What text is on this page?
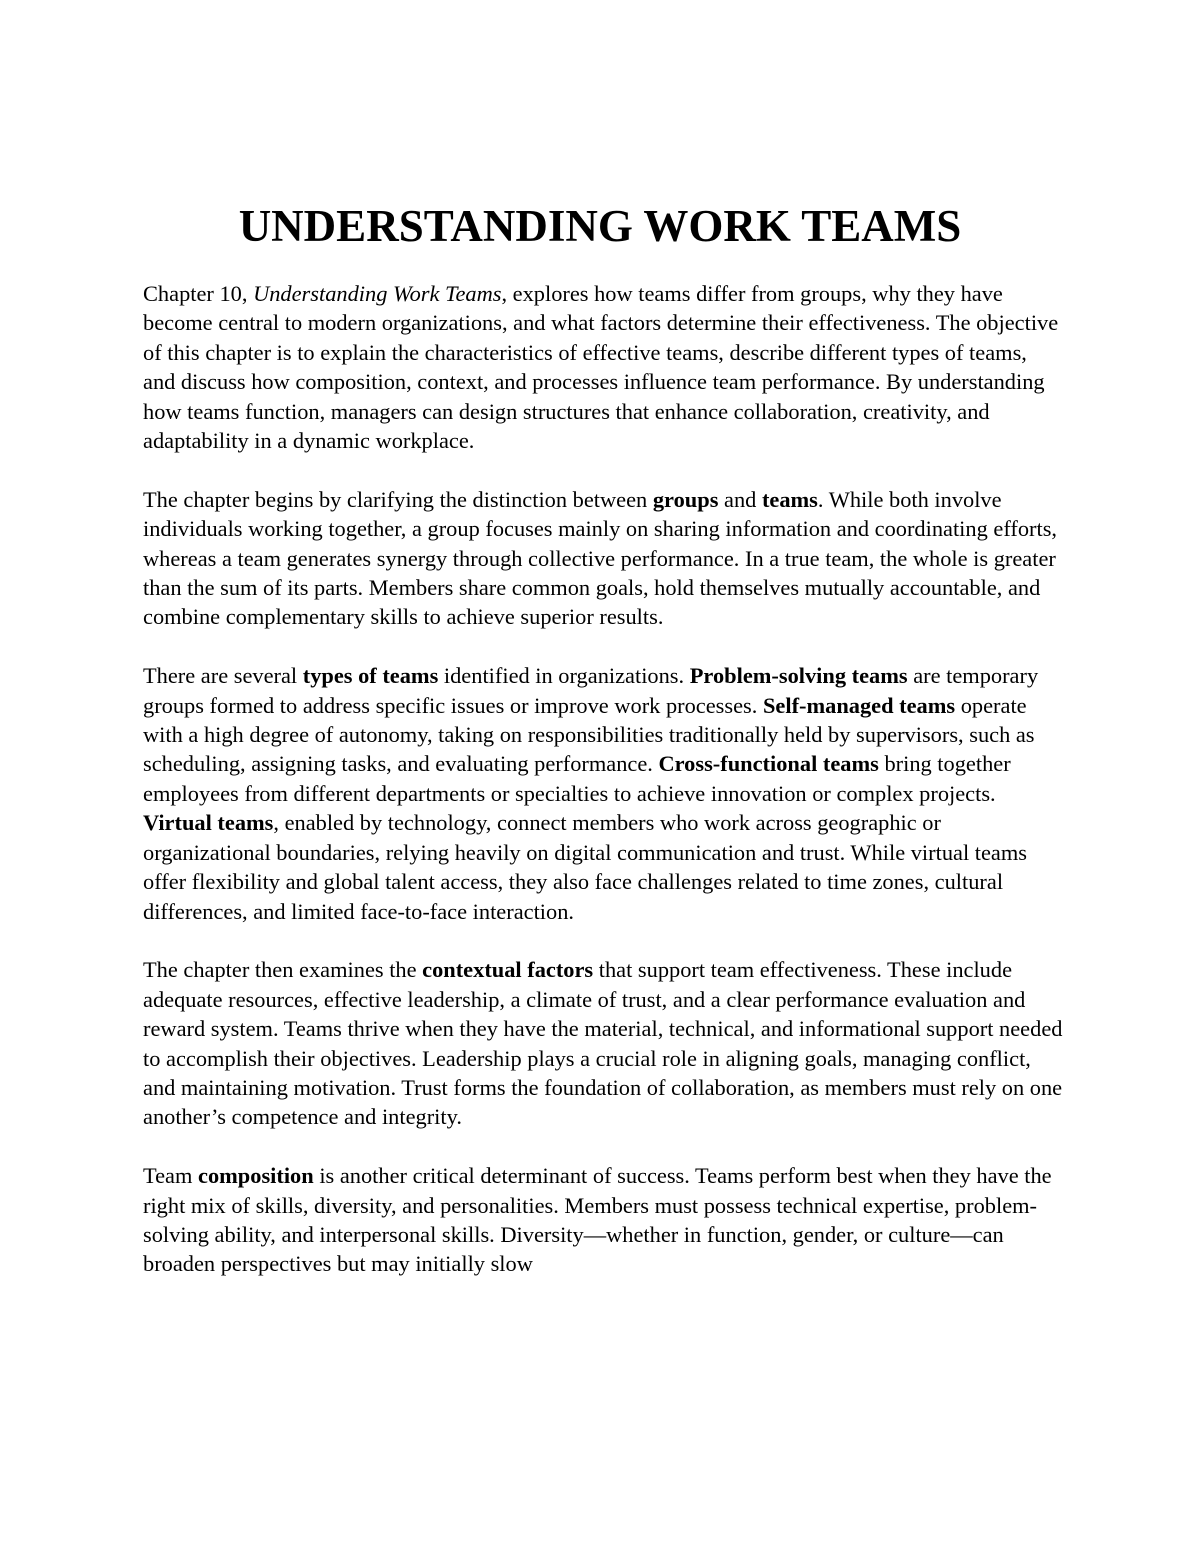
UNDERSTANDING WORK TEAMS

Chapter 10, Understanding Work Teams, explores how teams differ from groups, why they have become central to modern organizations, and what factors determine their effectiveness. The objective of this chapter is to explain the characteristics of effective teams, describe different types of teams, and discuss how composition, context, and processes influence team performance. By understanding how teams function, managers can design structures that enhance collaboration, creativity, and adaptability in a dynamic workplace.

The chapter begins by clarifying the distinction between groups and teams. While both involve individuals working together, a group focuses mainly on sharing information and coordinating efforts, whereas a team generates synergy through collective performance. In a true team, the whole is greater than the sum of its parts. Members share common goals, hold themselves mutually accountable, and combine complementary skills to achieve superior results.

There are several types of teams identified in organizations. Problem-solving teams are temporary groups formed to address specific issues or improve work processes. Self-managed teams operate with a high degree of autonomy, taking on responsibilities traditionally held by supervisors, such as scheduling, assigning tasks, and evaluating performance. Cross-functional teams bring together employees from different departments or specialties to achieve innovation or complex projects. Virtual teams, enabled by technology, connect members who work across geographic or organizational boundaries, relying heavily on digital communication and trust. While virtual teams offer flexibility and global talent access, they also face challenges related to time zones, cultural differences, and limited face-to-face interaction.

The chapter then examines the contextual factors that support team effectiveness. These include adequate resources, effective leadership, a climate of trust, and a clear performance evaluation and reward system. Teams thrive when they have the material, technical, and informational support needed to accomplish their objectives. Leadership plays a crucial role in aligning goals, managing conflict, and maintaining motivation. Trust forms the foundation of collaboration, as members must rely on one another’s competence and integrity.

Team composition is another critical determinant of success. Teams perform best when they have the right mix of skills, diversity, and personalities. Members must possess technical expertise, problem-solving ability, and interpersonal skills. Diversity—whether in function, gender, or culture—can broaden perspectives but may initially slow
